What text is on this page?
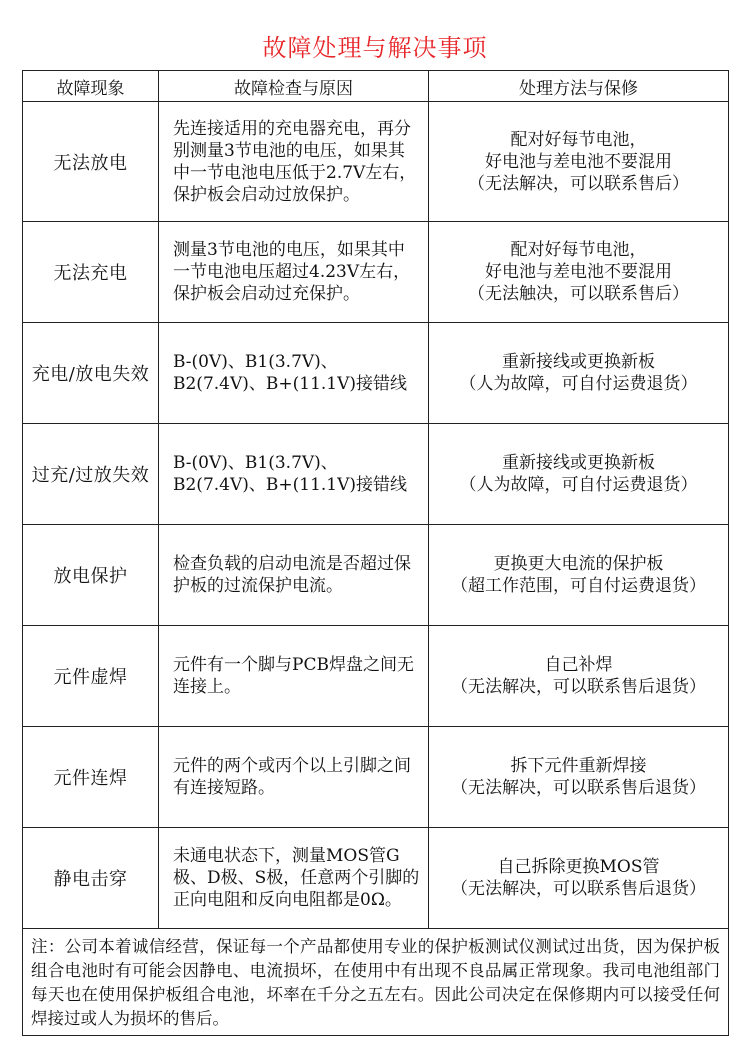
故障处理与解决事项
故障现象	故障检查与原因	处理方法与保修
无法放电	先连接适用的充电器充电，再分别测量3节电池的电压，如果其中一节电池电压低于2.7V左右，保护板会启动过放保护。	配对好每节电池，
好电池与差电池不要混用
（无法解决，可以联系售后）

无法充电	测量3节电池的电压，如果其中一节电池电压超过4.23V左右，保护板会启动过充保护。	配对好每节电池，
好电池与差电池不要混用
（无法触决，可以联系售后）

充电/放电失效	B-(0V)、B1(3.7V)、B2(7.4V)、B+(11.1V)接错线	重新接线或更换新板
（人为故障，可自付运费退货）

过充/过放失效	B-(0V)、B1(3.7V)、B2(7.4V)、B+(11.1V)接错线	重新接线或更换新板
（人为故障，可自付运费退货）

放电保护	检查负载的启动电流是否超过保护板的过流保护电流。	更换更大电流的保护板
（超工作范围，可自付运费退货）

元件虚焊	元件有一个脚与PCB焊盘之间无连接上。	自己补焊
（无法解决，可以联系售后退货）

元件连焊	元件的两个或丙个以上引脚之间有连接短路。	拆下元件重新焊接
（无法解决，可以联系售后退货）

静电击穿	未通电状态下，测量MOS管G极、D极、S极，任意两个引脚的正向电阻和反向电阻都是0Ω。	自己拆除更换MOS管
（无法解决，可以联系售后退货）

注：公司本着诚信经营，保证每一个产品都使用专业的保护板测试仪测试过出货，因为保护板组合电池时有可能会因静电、电流损坏，在使用中有出现不良品属正常现象。我司电池组部门每天也在使用保护板组合电池，坏率在千分之五左右。因此公司决定在保修期内可以接受任何焊接过或人为损坏的售后。		
